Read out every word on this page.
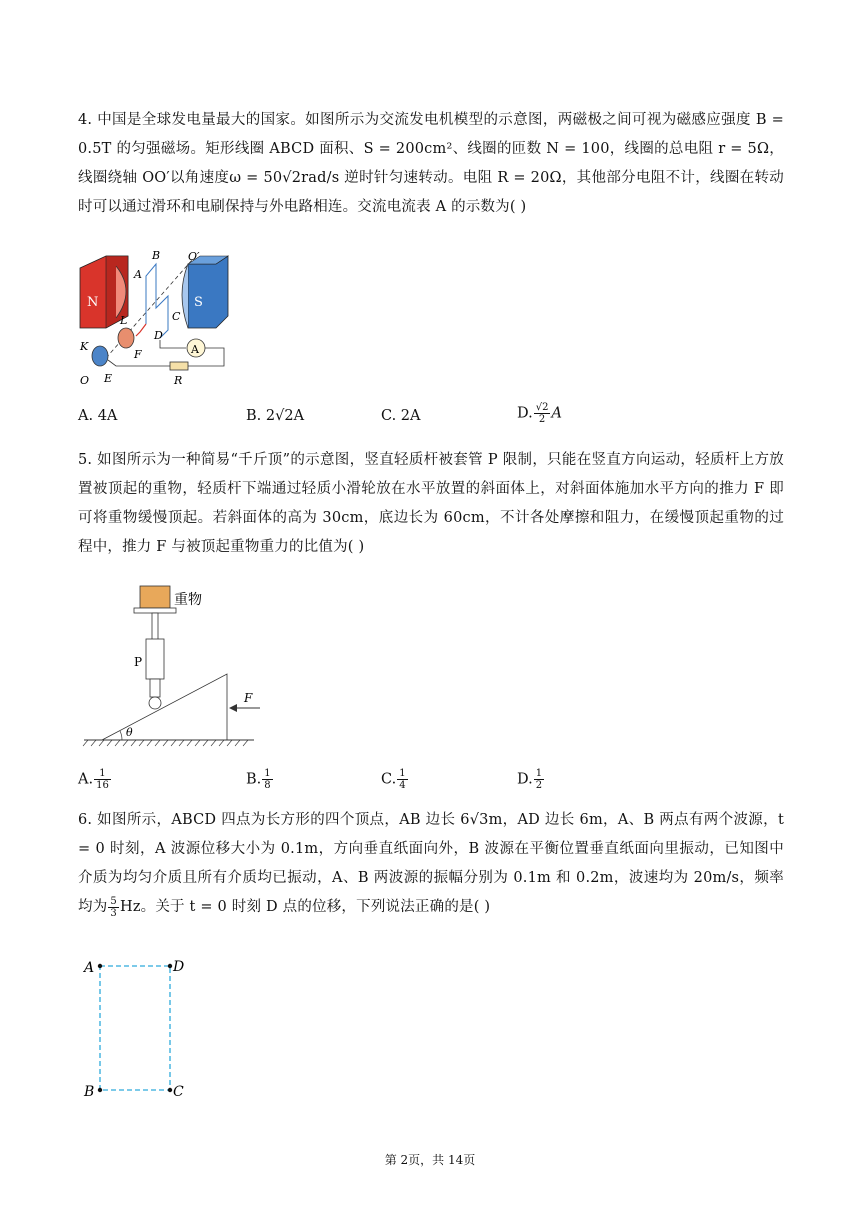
4. 中国是全球发电量最大的国家。如图所示为交流发电机模型的示意图，两磁极之间可视为磁感应强度 B = 0.5T 的匀强磁场。矩形线圈 ABCD 面积、S = 200cm²、线圈的匝数 N = 100，线圈的总电阻 r = 5Ω，线圈绕轴 OO′以角速度ω = 50√2rad/s 逆时针匀速转动。电阻 R = 20Ω，其他部分电阻不计，线圈在转动时可以通过滑环和电刷保持与外电路相连。交流电流表 A 的示数为( )

N	S
A
B	O′
A
C
L
D
K
F
O E	R
A. 4A	B. 2√2A	C. 2A	D. $\frac{√2}{2}$ A

5. 如图所示为一种简易“千斤顶”的示意图，竖直轻质杆被套管 P 限制，只能在竖直方向运动，轻质杆上方放置被顶起的重物，轻质杆下端通过轻质小滑轮放在水平放置的斜面体上，对斜面体施加水平方向的推力 F 即可将重物缓慢顶起。若斜面体的高为 30cm，底边长为 60cm，不计各处摩擦和阻力，在缓慢顶起重物的过程中，推力 F 与被顶起重物重力的比值为( )

重物
P
θ
F
A. $\frac{1}{16}$	B. $\frac{1}{8}$	C. $\frac{1}{4}$	D. $\frac{1}{2}$

6. 如图所示，ABCD 四点为长方形的四个顶点，AB 边长 6√3m，AD 边长 6m，A、B 两点有两个波源，t = 0 时刻，A 波源位移大小为 0.1m，方向垂直纸面向外，B 波源在平衡位置垂直纸面向里振动，已知图中介质为均匀介质且所有介质均已振动，A、B 两波源的振幅分别为 0.1m 和 0.2m，波速均为 20m/s，频率均为 $\frac{5}{3}$ Hz。关于 t = 0 时刻 D 点的位移，下列说法正确的是( )

A	D
B	C
第 2页，共 14页
